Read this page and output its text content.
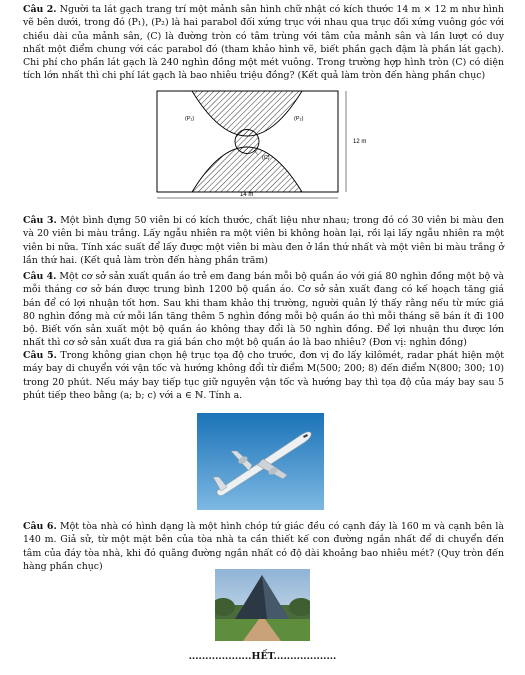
Câu 2. Người ta lát gạch trang trí một mảnh sân hình chữ nhật có kích thước 14 m × 12 m như hình vẽ bên dưới, trong đó (P₁), (P₂) là hai parabol đối xứng trục với nhau qua trục đối xứng vuông góc với chiều dài của mảnh sân, (C) là đường tròn có tâm trùng với tâm của mảnh sân và lần lượt có duy nhất một điểm chung với các parabol đó (tham khảo hình vẽ, biết phần gạch đậm là phần lát gạch). Chi phí cho phần lát gạch là 240 nghìn đồng một mét vuông. Trong trường hợp hình tròn (C) có diện tích lớn nhất thì chi phí lát gạch là bao nhiêu triệu đồng? (Kết quả làm tròn đến hàng phần chục)
(P₁)	(P₂)
(C)
12 m
14 m
Câu 3. Một bình đựng 50 viên bi có kích thước, chất liệu như nhau; trong đó có 30 viên bi màu đen và 20 viên bi màu trắng. Lấy ngẫu nhiên ra một viên bi không hoàn lại, rồi lại lấy ngẫu nhiên ra một viên bi nữa. Tính xác suất để lấy được một viên bi màu đen ở lần thứ nhất và một viên bi màu trắng ở lần thứ hai. (Kết quả làm tròn đến hàng phần trăm)
Câu 4. Một cơ sở sản xuất quần áo trẻ em đang bán mỗi bộ quần áo với giá 80 nghìn đồng một bộ và mỗi tháng cơ sở bán được trung bình 1200 bộ quần áo. Cơ sở sản xuất đang có kế hoạch tăng giá bán để có lợi nhuận tốt hơn. Sau khi tham khảo thị trường, người quản lý thấy rằng nếu từ mức giá 80 nghìn đồng mà cứ mỗi lần tăng thêm 5 nghìn đồng mỗi bộ quần áo thì mỗi tháng sẽ bán ít đi 100 bộ. Biết vốn sản xuất một bộ quần áo không thay đổi là 50 nghìn đồng. Để lợi nhuận thu được lớn nhất thì cơ sở sản xuất đưa ra giá bán cho một bộ quần áo là bao nhiêu? (Đơn vị: nghìn đồng)
Câu 5. Trong không gian chọn hệ trục tọa độ cho trước, đơn vị đo lấy kilômét, radar phát hiện một máy bay di chuyển với vận tốc và hướng không đổi từ điểm M(500; 200; 8) đến điểm N(800; 300; 10) trong 20 phút. Nếu máy bay tiếp tục giữ nguyên vận tốc và hướng bay thì tọa độ của máy bay sau 5 phút tiếp theo bằng (a; b; c) với a ∈ ℕ. Tính a.
Câu 6. Một tòa nhà có hình dạng là một hình chóp tứ giác đều có cạnh đáy là 160 m và cạnh bên là 140 m. Giả sử, từ một mặt bên của tòa nhà ta cần thiết kế con đường ngắn nhất để di chuyển đến tâm của đáy tòa nhà, khi đó quãng đường ngắn nhất có độ dài khoảng bao nhiêu mét? (Quy tròn đến hàng phần chục)
...................HẾT...................
